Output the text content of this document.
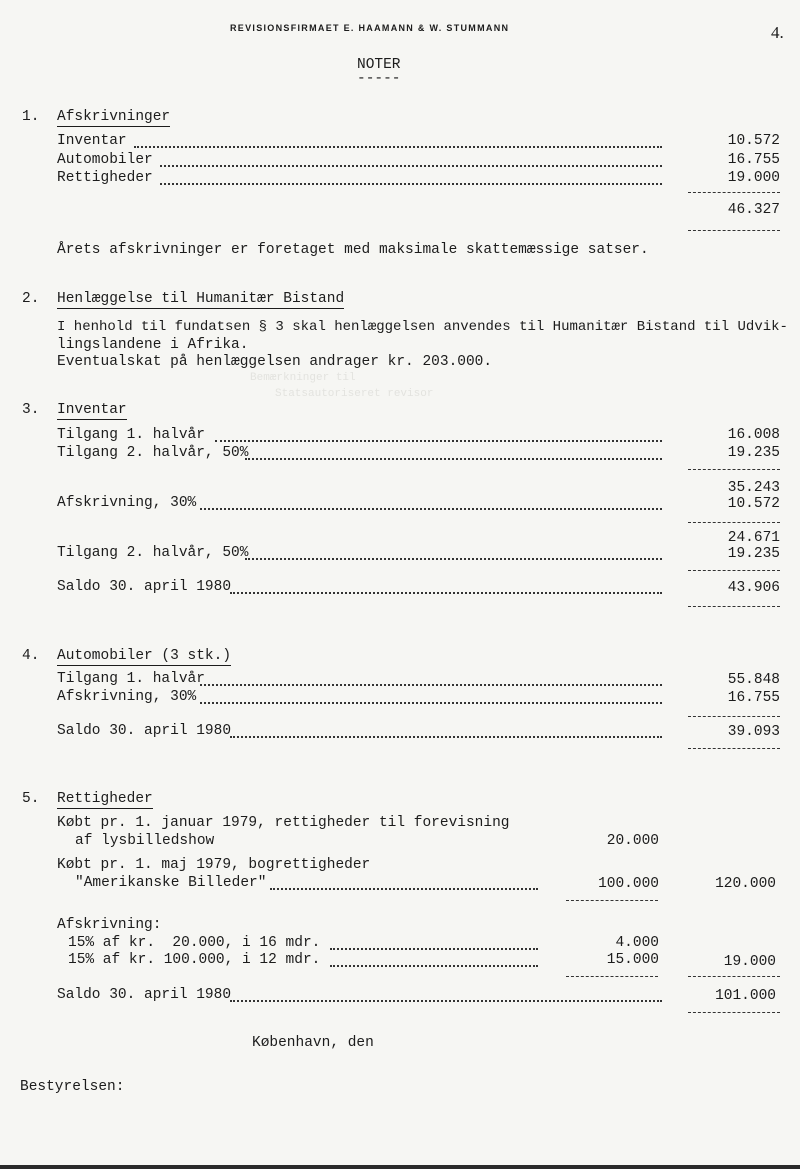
Bemærkninger til
Statsautoriseret revisor
REVISIONSFIRMAET E. HAAMANN & W. STUMMANN	4.
NOTER
-----
1. Afskrivninger
Inventar	10.572
Automobiler	16.755
Rettigheder	19.000
46.327
Årets afskrivninger er foretaget med maksimale skattemæssige satser.
2. Henlæggelse til Humanitær Bistand
I henhold til fundatsen § 3 skal henlæggelsen anvendes til Humanitær Bistand til Udvik-
lingslandene i Afrika.
Eventualskat på henlæggelsen andrager kr. 203.000.
3. Inventar
Tilgang 1. halvår	16.008
Tilgang 2. halvår, 50%	19.235
35.243
Afskrivning, 30%	10.572
24.671
Tilgang 2. halvår, 50%	19.235
Saldo 30. april 1980	43.906
4. Automobiler (3 stk.)
Tilgang 1. halvår	55.848
Afskrivning, 30%	16.755
Saldo 30. april 1980	39.093
5. Rettigheder
Købt pr. 1. januar 1979, rettigheder til forevisning
af lysbilledshow	20.000
Købt pr. 1. maj 1979, bogrettigheder
"Amerikanske Billeder"	100.000	120.000
Afskrivning:
15% af kr.  20.000, i 16 mdr.	4.000
15% af kr. 100.000, i 12 mdr.	15.000	19.000
Saldo 30. april 1980	101.000
København, den
Bestyrelsen:
